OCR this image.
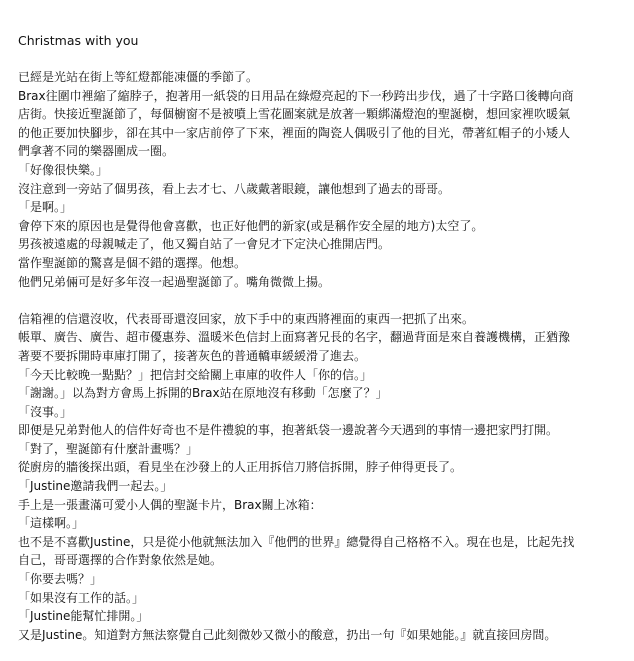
Christmas with you
已經是光站在街上等紅燈都能凍僵的季節了。
Brax往圍巾裡縮了縮脖子，抱著用一紙袋的日用品在綠燈亮起的下一秒跨出步伐，過了十字路口後轉向商
店街。快接近聖誕節了，每個櫥窗不是被噴上雪花圖案就是放著一顆綁滿燈泡的聖誕樹，想回家裡吹暖氣
的他正要加快腳步，卻在其中一家店前停了下來，裡面的陶瓷人偶吸引了他的目光，帶著紅帽子的小矮人
們拿著不同的樂器圍成一圈。
「好像很快樂。」
沒注意到一旁站了個男孩，看上去才七、八歲戴著眼鏡，讓他想到了過去的哥哥。
「是啊。」
會停下來的原因也是覺得他會喜歡，也正好他們的新家(或是稱作安全屋的地方)太空了。
男孩被遠處的母親喊走了，他又獨自站了一會兒才下定決心推開店門。
當作聖誕節的驚喜是個不錯的選擇。他想。
他們兄弟倆可是好多年沒一起過聖誕節了。嘴角微微上揚。
信箱裡的信還沒收，代表哥哥還沒回家，放下手中的東西將裡面的東西一把抓了出來。
帳單、廣告、廣告、超市優惠券、溫暖米色信封上面寫著兄長的名字，翻過背面是來自養護機構，正猶豫
著要不要拆開時車庫打開了，接著灰色的普通轎車緩緩滑了進去。
「今天比較晚一點點？」把信封交給關上車庫的收件人「你的信。」
「謝謝。」以為對方會馬上拆開的Brax站在原地沒有移動「怎麼了？」
「沒事。」
即便是兄弟對他人的信件好奇也不是件禮貌的事，抱著紙袋一邊說著今天遇到的事情一邊把家門打開。
「對了，聖誕節有什麼計畫嗎？」
從廚房的牆後探出頭，看見坐在沙發上的人正用拆信刀將信拆開，脖子伸得更長了。
「Justine邀請我們一起去。」
手上是一張畫滿可愛小人偶的聖誕卡片，Brax關上冰箱：
「這樣啊。」
也不是不喜歡Justine，只是從小他就無法加入『他們的世界』總覺得自己格格不入。現在也是，比起先找
自己，哥哥選擇的合作對象依然是她。
「你要去嗎？」
「如果沒有工作的話。」
「Justine能幫忙排開。」
又是Justine。知道對方無法察覺自己此刻微妙又微小的酸意，扔出一句『如果她能。』就直接回房間。
